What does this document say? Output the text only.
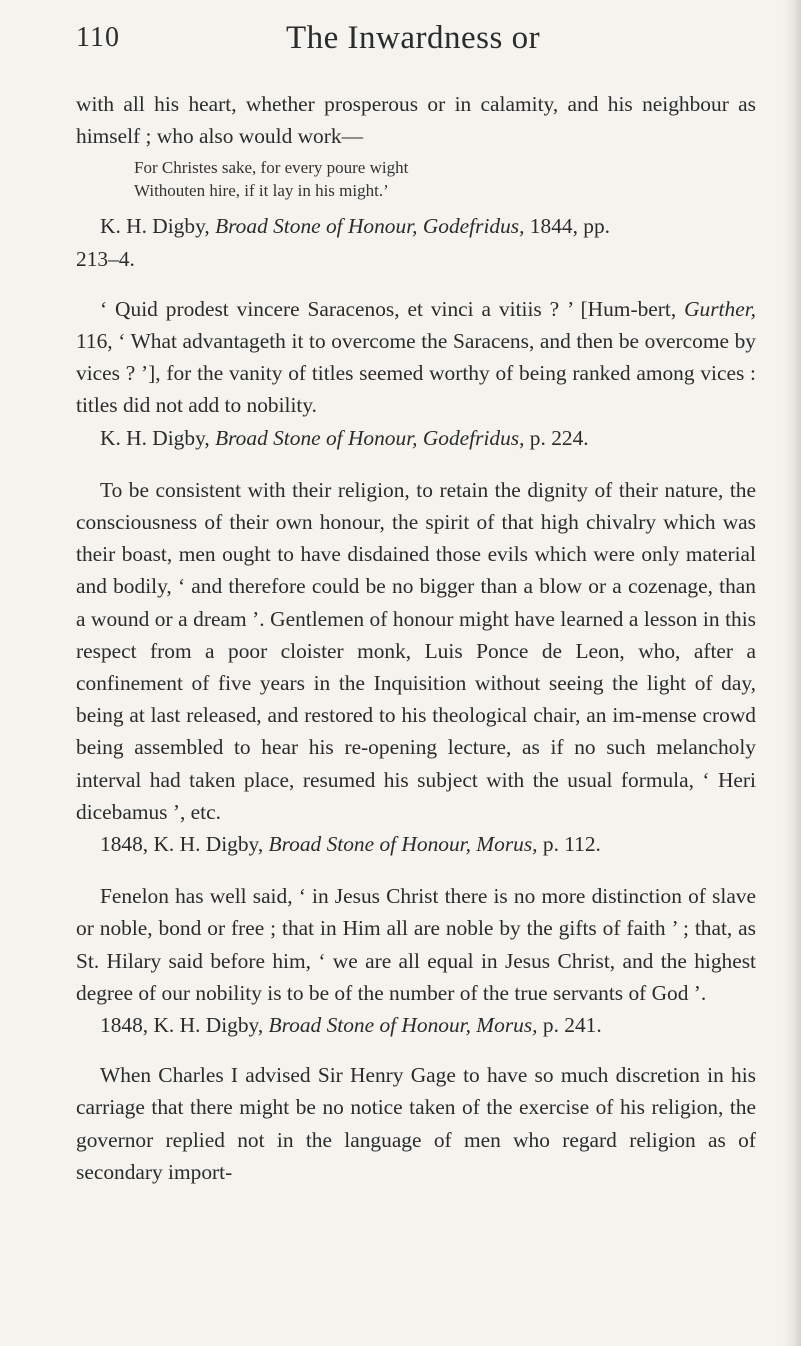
110	The Inwardness or

with all his heart, whether prosperous or in calamity, and his neighbour as himself ; who also would work—

For Christes sake, for every poure wight
Withouten hire, if it lay in his might.’

K. H. Digby, Broad Stone of Honour, Godefridus, 1844, pp.

213–4.

‘ Quid prodest vincere Saracenos, et vinci a vitiis ? ’ [Hum-bert, Gurther, 116, ‘ What advantageth it to overcome the Saracens, and then be overcome by vices ? ’], for the vanity of titles seemed worthy of being ranked among vices : titles did not add to nobility.

K. H. Digby, Broad Stone of Honour, Godefridus, p. 224.

To be consistent with their religion, to retain the dignity of their nature, the consciousness of their own honour, the spirit of that high chivalry which was their boast, men ought to have disdained those evils which were only material and bodily, ‘ and therefore could be no bigger than a blow or a cozenage, than a wound or a dream ’. Gentlemen of honour might have learned a lesson in this respect from a poor cloister monk, Luis Ponce de Leon, who, after a confinement of five years in the Inquisition without seeing the light of day, being at last released, and restored to his theological chair, an im-mense crowd being assembled to hear his re-opening lecture, as if no such melancholy interval had taken place, resumed his subject with the usual formula, ‘ Heri dicebamus ’, etc.

1848, K. H. Digby, Broad Stone of Honour, Morus, p. 112.

Fenelon has well said, ‘ in Jesus Christ there is no more distinction of slave or noble, bond or free ; that in Him all are noble by the gifts of faith ’ ; that, as St. Hilary said before him, ‘ we are all equal in Jesus Christ, and the highest degree of our nobility is to be of the number of the true servants of God ’.

1848, K. H. Digby, Broad Stone of Honour, Morus, p. 241.

When Charles I advised Sir Henry Gage to have so much discretion in his carriage that there might be no notice taken of the exercise of his religion, the governor replied not in the language of men who regard religion as of secondary import-
